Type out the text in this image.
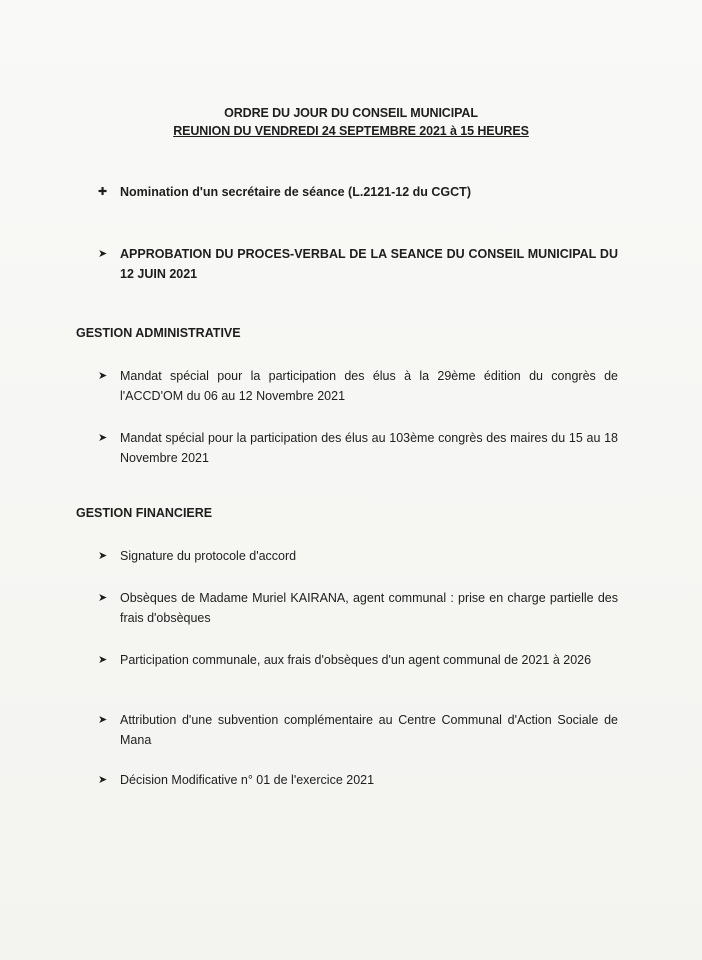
ORDRE DU JOUR DU CONSEIL MUNICIPAL
REUNION DU VENDREDI 24 SEPTEMBRE 2021 à 15 HEURES
✚	Nomination d'un secrétaire de séance (L.2121-12 du CGCT)
➤	APPROBATION DU PROCES-VERBAL DE LA SEANCE DU CONSEIL MUNICIPAL DU 12 JUIN 2021
GESTION ADMINISTRATIVE
➤	Mandat spécial pour la participation des élus à la 29ème édition du congrès de l'ACCD'OM du 06 au 12 Novembre 2021
➤	Mandat spécial pour la participation des élus au 103ème congrès des maires du 15 au 18 Novembre 2021
GESTION FINANCIERE
➤	Signature du protocole d'accord
➤	Obsèques de Madame Muriel KAIRANA, agent communal : prise en charge partielle des frais d'obsèques
➤	Participation communale, aux frais d'obsèques d'un agent communal de 2021 à 2026
➤	Attribution d'une subvention complémentaire au Centre Communal d'Action Sociale de Mana
➤	Décision Modificative n° 01 de l'exercice 2021
